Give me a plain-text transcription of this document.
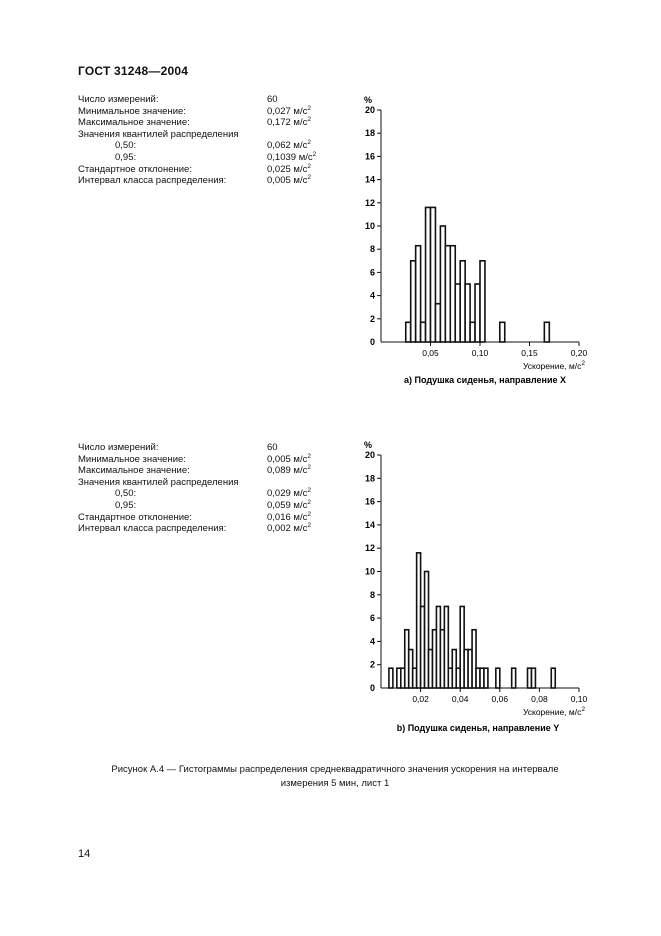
ГОСТ 31248—2004
Число измерений:	60
Минимальное значение:	0,027 $м/с^2$
Максимальное значение:	0,172 $м/с^2$
Значения квантилей распределения
0,50:	0,062 $м/с^2$
0,95:	0,1039 $м/с^2$
Стандартное отклонение:	0,025 $м/с^2$
Интервал класса распределения:	0,005 $м/с^2$
Число измерений:	60
Минимальное значение:	0,005 $м/с^2$
Максимальное значение:	0,089 $м/с^2$
Значения квантилей распределения
0,50:	0,029 $м/с^2$
0,95:	0,059 $м/с^2$
Стандартное отклонение:	0,016 $м/с^2$
Интервал класса распределения:	0,002 $м/с^2$
2
4
6
8
10
12
14
16
18
20
0
%
0,05	0,10	0,15	0,20
Ускорение, $м/с^2$
a) Подушка сиденья, направление X
2
4
6
8
10
12
14
16
18
20
0
%
0,02	0,04	0,06	0,08	0,10
Ускорение, $м/с^2$
b) Подушка сиденья, направление Y
Рисунок А.4 — Гистограммы распределения среднеквадратичного значения ускорения на интервале
измерения 5 мин, лист 1
14
